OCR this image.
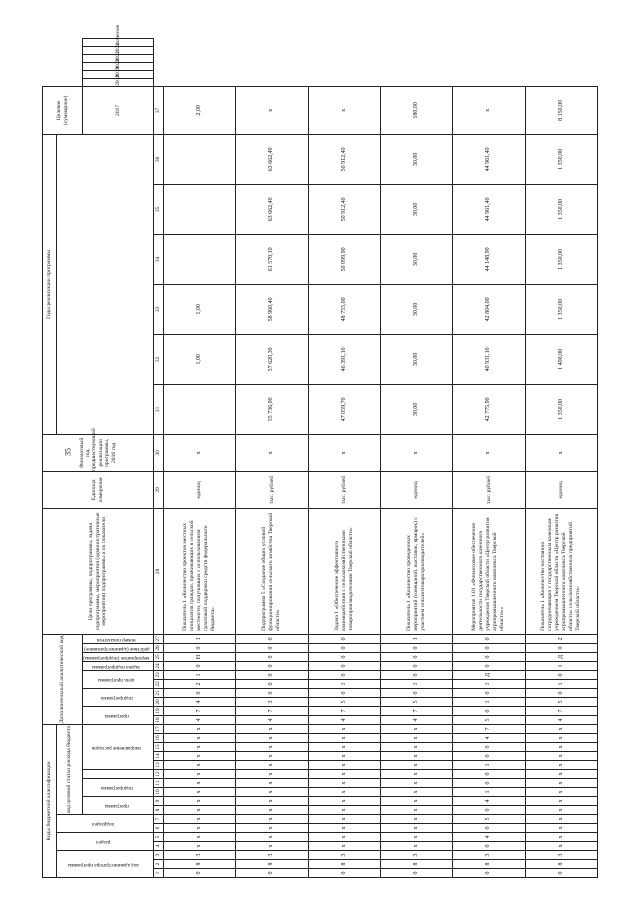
35
Коды бюджетной классификации																	Дополнительный аналитический код										Цели программы, подпрограммы, задачи подпрограммы, мероприятия (административные мероприятия) подпрограммы и их показатели	Единица измерения	Финансовый год, предшествующий реализации программы, 2016 год	Годы реализации программы						Целевое (суммарное)						
код администратора программы			раздел		подраздел		код целевой статьи расхода бюджета																																			
							программа		подпрограмма			направление расходов					программа		подпрограмма		цель программы		задача подпрограммы	мероприятие (подпрограммы)	действие (административное)	номер показателя										2017	2018	2019	2020	2021	2022	значение
1	2	3	4	5	6	7	8	9	10	11	12	13	14	15	16	17	18	19	20	21	22	23	24	25	26	27	28	29	30	31	32	33	34	35	36	37						
0	8	3	х	х	х	х	х	х	х	х	х	х	х	х	х	х	4	7	4	0	2	1	0	Н	0	1	Показатель 1 «Количество проектов местных инициатив граждан, проживающих в сельской местности, получивших с использованием грантовой поддержки средств федерального бюджета»	единиц	х		1,00	1,00				2,00						
0	8	3	х	х	х	х	х	х	х	х	х	х	х	х	х	х	4	7	3	0	0	0	0	0	0	0	Подпрограмма 5 «Создание общих условий функционирования сельского хозяйства Тверской области»	тыс. рублей	х	55 736,00	57 620,30	58 960,40	61 570,10	63 662,40	63 662,40	х						
0	8	3	х	х	х	х	х	х	х	х	х	х	х	х	х	х	4	7	5	0	1	0	0	0	0	0	Задача 1 «Обеспечение эффективного взаимодействия с сельскохозяйственными товаропроизводителями Тверской области»	тыс. рублей	х	47 059,70	46 391,10	48 755,00	50 099,90	50 912,40	50 912,40	х						
0	8	3	х	х	х	х	х	х	х	х	х	х	х	х	х	х	4	7	5	0	1	0	0	0	0	1	Показатель 1 «Количество проведенных мероприятий (совещаний, выставок, ярмарок) с участием сельхозтоваропроизводителей»	единиц	х	30,00	30,00	30,00	30,00	30,00	30,00	180,00						
0	8	3	0	4	0	5	0	4	1	0	0	1	0	0	4	7	5	0	1	0	1	Д	0	0	0	0	Мероприятие 1.01 «Финансовое обеспечение деятельности государственного казенного учреждения Тверской области «Центр развития агропромышленного комплекса Тверской области»»	тыс. рублей	х	42 775,90	40 931,10	42 804,00	44 148,90	44 961,40	44 961,40	х						
0	8	3	х	х	х	х	х	х	х	х	х	х	х	х	х	х	4	7	5	0	1	0	1	Д	0	2	Показатель 1 «Количество постоянно сотрудничающих с государственным казенным учреждением Тверской области «Центр развития агропромышленного комплекса Тверской области» сельскохозяйственных предприятий Тверской области»	единиц	х	1 350,00	1 400,00	1 350,00	1 350,00	1 350,00	1 350,00	8 150,00						
